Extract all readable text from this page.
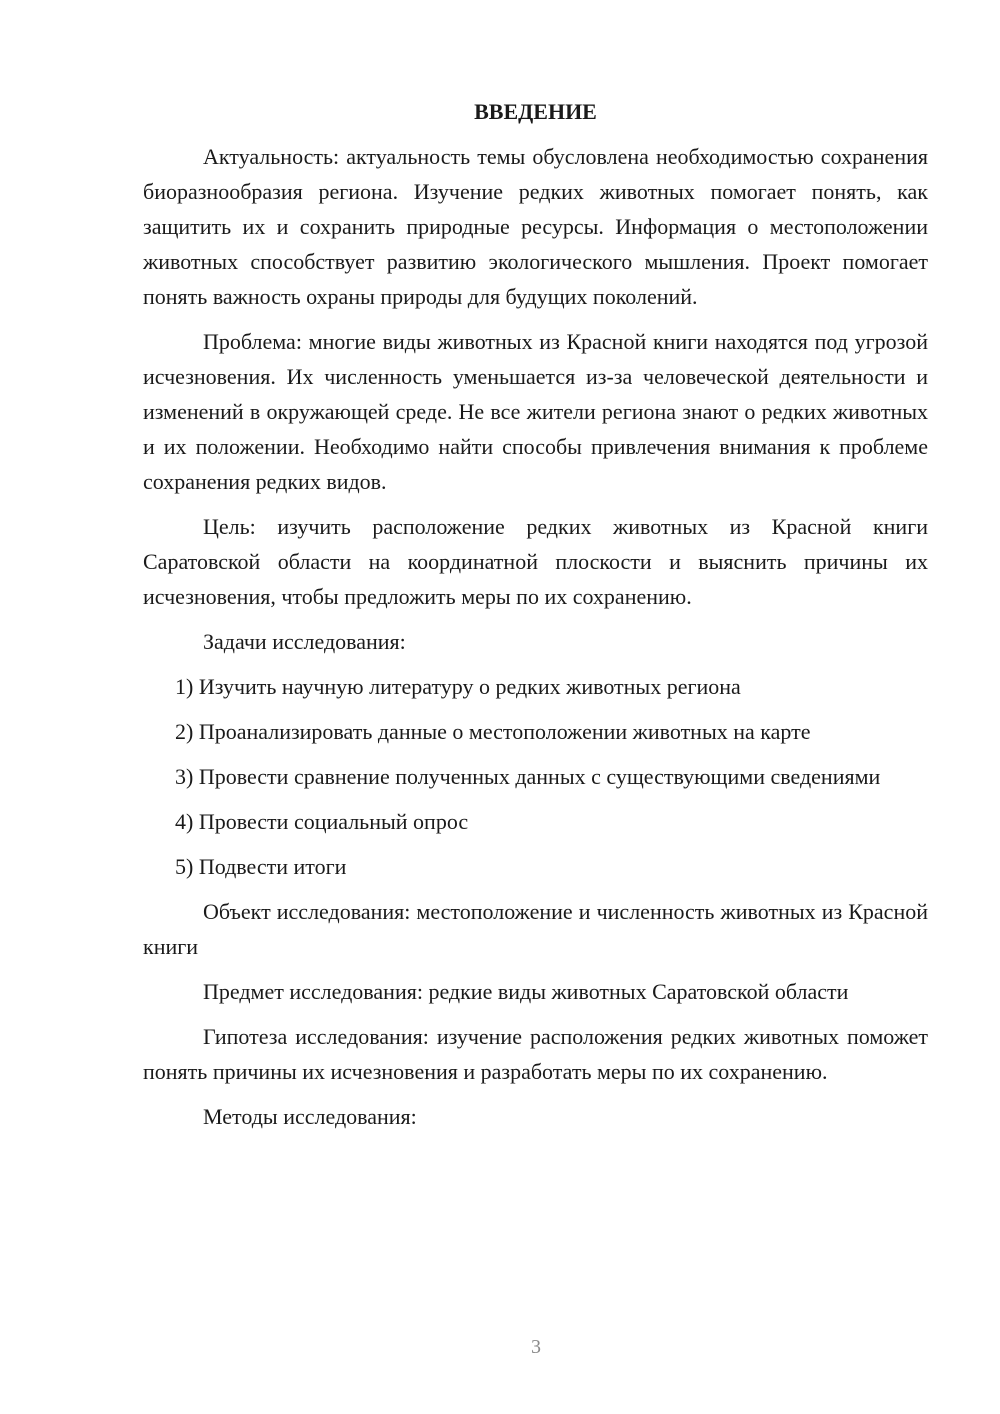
ВВЕДЕНИЕ

Актуальность: актуальность темы обусловлена необходимостью сохранения биоразнообразия региона. Изучение редких животных помогает понять, как защитить их и сохранить природные ресурсы. Информация о местоположении животных способствует развитию экологического мышления. Проект помогает понять важность охраны природы для будущих поколений.

Проблема: многие виды животных из Красной книги находятся под угрозой исчезновения. Их численность уменьшается из-за человеческой деятельности и изменений в окружающей среде. Не все жители региона знают о редких животных и их положении. Необходимо найти способы привлечения внимания к проблеме сохранения редких видов.

Цель: изучить расположение редких животных из Красной книги Саратовской области на координатной плоскости и выяснить причины их исчезновения, чтобы предложить меры по их сохранению.

Задачи исследования:

1) Изучить научную литературу о редких животных региона

2) Проанализировать данные о местоположении животных на карте

3) Провести сравнение полученных данных с существующими сведениями

4) Провести социальный опрос

5) Подвести итоги

Объект исследования: местоположение и численность животных из Красной книги

Предмет исследования: редкие виды животных Саратовской области

Гипотеза исследования: изучение расположения редких животных поможет понять причины их исчезновения и разработать меры по их сохранению.

Методы исследования:

3
